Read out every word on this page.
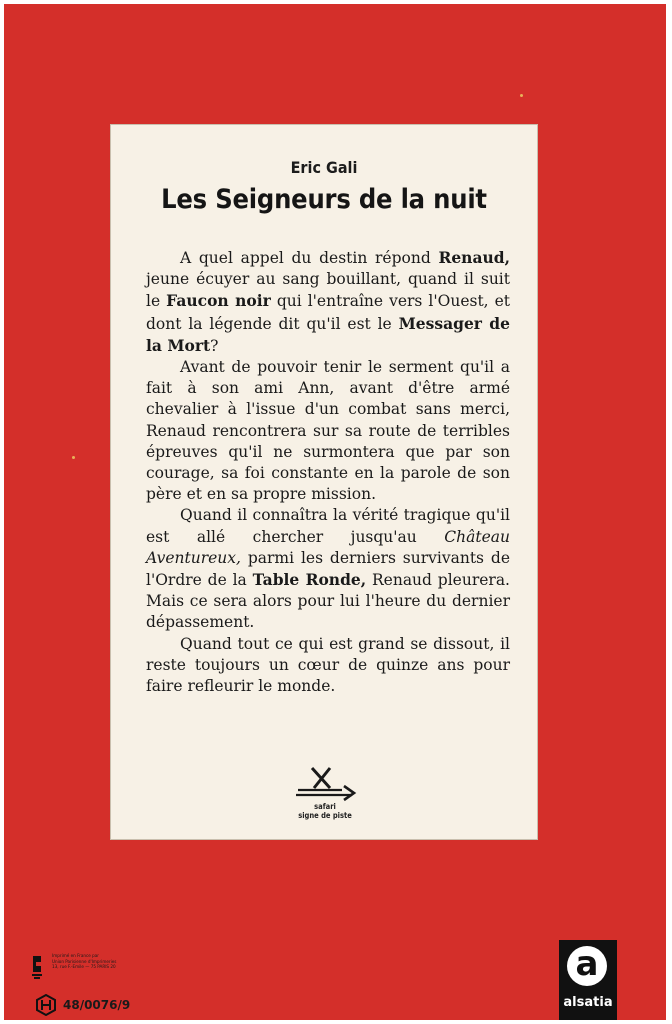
Eric Gali
Les Seigneurs de la nuit

A quel appel du destin répond Renaud, jeune écuyer au sang bouillant, quand il suit le Faucon noir qui l'entraîne vers l'Ouest, et dont la légende dit qu'il est le Messager de la Mort?

Avant de pouvoir tenir le serment qu'il a fait à son ami Ann, avant d'être armé chevalier à l'issue d'un combat sans merci, Renaud rencontrera sur sa route de terribles épreuves qu'il ne surmontera que par son courage, sa foi constante en la parole de son père et en sa propre mission.

Quand il connaîtra la vérité tragique qu'il est allé chercher jusqu'au Château Aventureux, parmi les derniers survivants de l'Ordre de la Table Ronde, Renaud pleurera. Mais ce sera alors pour lui l'heure du dernier dépassement.

Quand tout ce qui est grand se dissout, il reste toujours un cœur de quinze ans pour faire refleurir le monde.

safari
signe de piste
Imprimé en France par
Union Parisienne d'Imprimeries
13, rue F.-Emile — 75 PARIS 20
48/0076/9
a
alsatia
